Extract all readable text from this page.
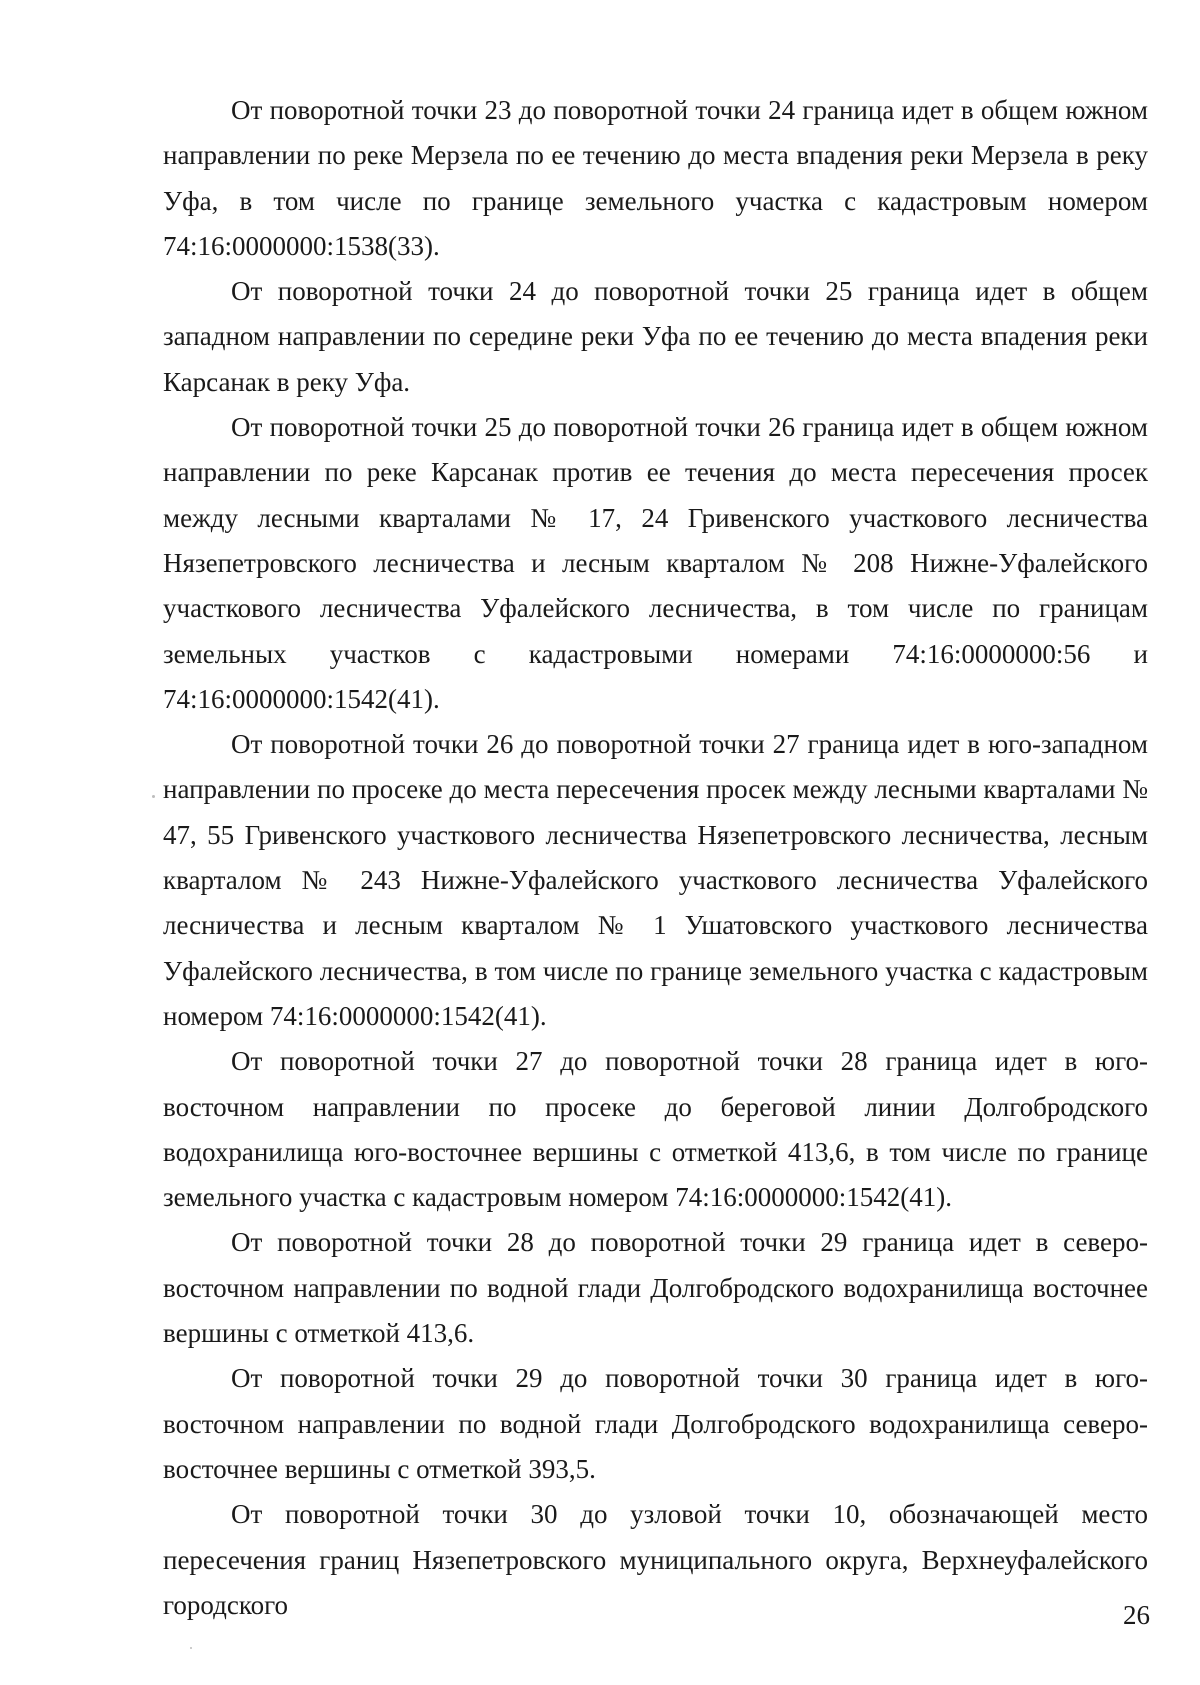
От поворотной точки 23 до поворотной точки 24 граница идет в общем южном направлении по реке Мерзела по ее течению до места впадения реки Мерзела в реку Уфа, в том числе по границе земельного участка с кадастровым номером 74:16:0000000:1538(33).

От поворотной точки 24 до поворотной точки 25 граница идет в общем западном направлении по середине реки Уфа по ее течению до места впадения реки Карсанак в реку Уфа.

От поворотной точки 25 до поворотной точки 26 граница идет в общем южном направлении по реке Карсанак против ее течения до места пересечения просек между лесными кварталами № 17, 24 Гривенского участкового лесничества Нязепетровского лесничества и лесным кварталом № 208 Нижне-Уфалейского участкового лесничества Уфалейского лесничества, в том числе по границам земельных участков с кадастровыми номерами 74:16:0000000:56 и 74:16:0000000:1542(41).

От поворотной точки 26 до поворотной точки 27 граница идет в юго-западном направлении по просеке до места пересечения просек между лесными кварталами № 47, 55 Гривенского участкового лесничества Нязепетровского лесничества, лесным кварталом № 243 Нижне-Уфалейского участкового лесничества Уфалейского лесничества и лесным кварталом № 1 Ушатовского участкового лесничества Уфалейского лесничества, в том числе по границе земельного участка с кадастровым номером 74:16:0000000:1542(41).

От поворотной точки 27 до поворотной точки 28 граница идет в юго-восточном направлении по просеке до береговой линии Долгобродского водохранилища юго-восточнее вершины с отметкой 413,6, в том числе по границе земельного участка с кадастровым номером 74:16:0000000:1542(41).

От поворотной точки 28 до поворотной точки 29 граница идет в северо-восточном направлении по водной глади Долгобродского водохранилища восточнее вершины с отметкой 413,6.

От поворотной точки 29 до поворотной точки 30 граница идет в юго-восточном направлении по водной глади Долгобродского водохранилища северо-восточнее вершины с отметкой 393,5.

От поворотной точки 30 до узловой точки 10, обозначающей место пересечения границ Нязепетровского муниципального округа, Верхнеуфалейского городского	26
